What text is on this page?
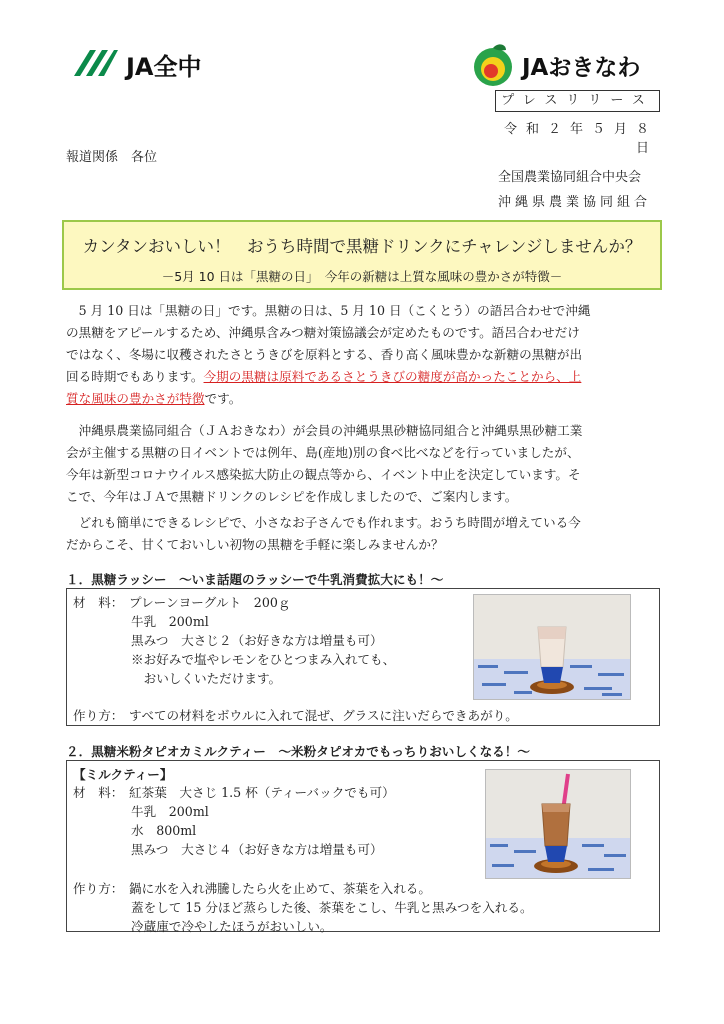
JA全中	JAおきなわ
プレスリリース
令和２年５月８日
報道関係　各位
全国農業協同組合中央会
沖縄県農業協同組合
カンタンおいしい！　おうち時間で黒糖ドリンクにチャレンジしませんか？
－5月 10 日は「黒糖の日」　今年の新糖は上質な風味の豊かさが特徴－
　5 月 10 日は「黒糖の日」です。黒糖の日は、5 月 10 日（こくとう）の語呂合わせで沖縄
の黒糖をアピールするため、沖縄県含みつ糖対策協議会が定めたものです。語呂合わせだけ
ではなく、冬場に収穫されたさとうきびを原料とする、香り高く風味豊かな新糖の黒糖が出
回る時期でもあります。今期の黒糖は原料であるさとうきびの糖度が高かったことから、上
質な風味の豊かさが特徴です。
　沖縄県農業協同組合（ＪＡおきなわ）が会員の沖縄県黒砂糖協同組合と沖縄県黒砂糖工業
会が主催する黒糖の日イベントでは例年、島(産地)別の食べ比べなどを行っていましたが、
今年は新型コロナウイルス感染拡大防止の観点等から、イベント中止を決定しています。そ
こで、今年はＪＡで黒糖ドリンクのレシピを作成しましたので、ご案内します。
　どれも簡単にできるレシピで、小さなお子さんでも作れます。おうち時間が増えている今
だからこそ、甘くておいしい初物の黒糖を手軽に楽しみませんか？
１．黒糖ラッシー　～いま話題のラッシーで牛乳消費拡大にも！～
材　料： プレーンヨーグルト　200ｇ
牛乳　200ml
黒みつ　大さじ２（お好きな方は増量も可）
※お好みで塩やレモンをひとつまみ入れても、
　おいしくいただけます。
作り方： すべての材料をボウルに入れて混ぜ、グラスに注いだらできあがり。
２．黒糖米粉タピオカミルクティー　～米粉タピオカでもっちりおいしくなる！～
【ミルクティー】
材　料： 紅茶葉　大さじ 1.5 杯（ティーバックでも可）
牛乳　200ml
水　800ml
黒みつ　大さじ４（お好きな方は増量も可）
作り方： 鍋に水を入れ沸騰したら火を止めて、茶葉を入れる。
蓋をして 15 分ほど蒸らした後、茶葉をこし、牛乳と黒みつを入れる。
冷蔵庫で冷やしたほうがおいしい。
